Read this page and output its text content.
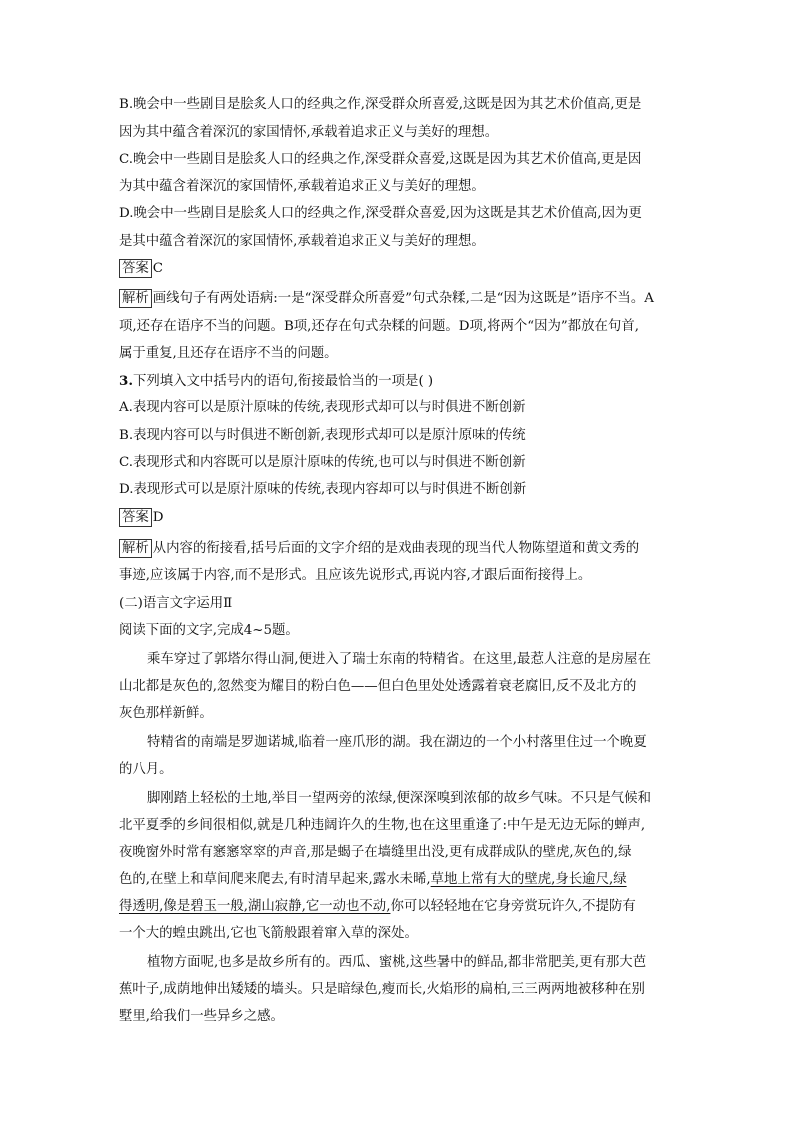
B.晚会中一些剧目是脍炙人口的经典之作,深受群众所喜爱,这既是因为其艺术价值高,更是
因为其中蕴含着深沉的家国情怀,承载着追求正义与美好的理想。
C.晚会中一些剧目是脍炙人口的经典之作,深受群众喜爱,这既是因为其艺术价值高,更是因
为其中蕴含着深沉的家国情怀,承载着追求正义与美好的理想。
D.晚会中一些剧目是脍炙人口的经典之作,深受群众喜爱,因为这既是其艺术价值高,因为更
是其中蕴含着深沉的家国情怀,承载着追求正义与美好的理想。
答案 C
解析 画线句子有两处语病:一是“深受群众所喜爱”句式杂糅,二是“因为这既是”语序不当。A
项,还存在语序不当的问题。B项,还存在句式杂糅的问题。D项,将两个“因为”都放在句首,
属于重复,且还存在语序不当的问题。
3.下列填入文中括号内的语句,衔接最恰当的一项是( )
A.表现内容可以是原汁原味的传统,表现形式却可以与时俱进不断创新
B.表现内容可以与时俱进不断创新,表现形式却可以是原汁原味的传统
C.表现形式和内容既可以是原汁原味的传统,也可以与时俱进不断创新
D.表现形式可以是原汁原味的传统,表现内容却可以与时俱进不断创新
答案 D
解析 从内容的衔接看,括号后面的文字介绍的是戏曲表现的现当代人物陈望道和黄文秀的
事迹,应该属于内容,而不是形式。且应该先说形式,再说内容,才跟后面衔接得上。
(二)语言文字运用Ⅱ
阅读下面的文字,完成4~5题。
乘车穿过了郭塔尔得山洞,便进入了瑞士东南的特精省。在这里,最惹人注意的是房屋在
山北都是灰色的,忽然变为耀目的粉白色——但白色里处处透露着衰老腐旧,反不及北方的
灰色那样新鲜。
特精省的南端是罗迦诺城,临着一座爪形的湖。我在湖边的一个小村落里住过一个晚夏
的八月。
脚刚踏上轻松的土地,举目一望两旁的浓绿,便深深嗅到浓郁的故乡气味。不只是气候和
北平夏季的乡间很相似,就是几种违阔许久的生物,也在这里重逢了:中午是无边无际的蝉声,
夜晚窗外时常有窸窸窣窣的声音,那是蝎子在墙缝里出没,更有成群成队的壁虎,灰色的,绿
色的,在壁上和草间爬来爬去,有时清早起来,露水未晞,草地上常有大的壁虎,身长逾尺,绿
得透明,像是碧玉一般,湖山寂静,它一动也不动,你可以轻轻地在它身旁赏玩许久,不提防有
一个大的蝗虫跳出,它也飞箭般跟着窜入草的深处。
植物方面呢,也多是故乡所有的。西瓜、蜜桃,这些暑中的鲜品,都非常肥美,更有那大芭
蕉叶子,成荫地伸出矮矮的墙头。只是暗绿色,瘦而长,火焰形的扁柏,三三两两地被移种在别
墅里,给我们一些异乡之感。
